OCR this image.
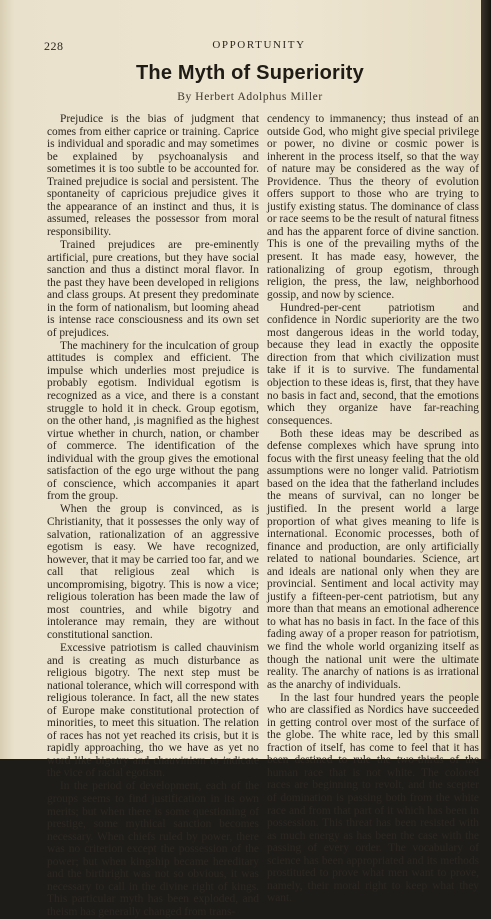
228	OPPORTUNITY
The Myth of Superiority
By Herbert Adolphus Miller

Prejudice is the bias of judgment that comes from either caprice or training. Caprice is individual and sporadic and may sometimes be explained by psychoanalysis and sometimes it is too subtle to be accounted for. Trained prejudice is social and persistent. The spontaneity of capricious prejudice gives it the appearance of an instinct and thus, it is assumed, releases the possessor from moral responsibility.

Trained prejudices are pre-eminently artificial, pure creations, but they have social sanction and thus a distinct moral flavor. In the past they have been developed in religions and class groups. At present they predominate in the form of nationalism, but looming ahead is intense race consciousness and its own set of prejudices.

The machinery for the inculcation of group attitudes is complex and efficient. The impulse which underlies most prejudice is probably egotism. Individual egotism is recognized as a vice, and there is a constant struggle to hold it in check. Group egotism, on the other hand, ,is magnified as the highest virtue whether in church, nation, or chamber of commerce. The identification of the individual with the group gives the emotional satisfaction of the ego urge without the pang of conscience, which accompanies it apart from the group.

When the group is convinced, as is Christianity, that it possesses the only way of salvation, rationalization of an aggressive egotism is easy. We have recognized, however, that it may be carried too far, and we call that religious zeal which is uncompromising, bigotry. This is now a vice; religious toleration has been made the law of most countries, and while bigotry and intolerance may remain, they are without constitutional sanction.

Excessive patriotism is called chauvinism and is creating as much disturbance as religious bigotry. The next step must be national tolerance, which will correspond with religious tolerance. In fact, all the new states of Europe make constitutional protection of minorities, to meet this situation. The relation of races has not yet reached its crisis, but it is rapidly approaching, tho we have as yet no word like bigotry and chauvinism to indicate the vice of racial egotism.

In the period of development, each of the groups seems to find justification in its own merits; but when there is some questioning of prestige, some mythical sanction becomes necessary. When chiefs ruled by power, there was no criterion except the possession of the power; but when kingship became hereditary and the birthright was not so obvious, it was necessary to call in the divine right of kings. This particular myth has been exploded, and theism has generally changed from trans-

cendency to immanency; thus instead of an outside God, who might give special privilege or power, no divine or cosmic power is inherent in the process itself, so that the way of nature may be considered as the way of Providence. Thus the theory of evolution offers support to those who are trying to justify existing status. The dominance of class or race seems to be the result of natural fitness and has the apparent force of divine sanction. This is one of the prevailing myths of the present. It has made easy, however, the rationalizing of group egotism, through religion, the press, the law, neighborhood gossip, and now by science.

Hundred-per-cent patriotism and confidence in Nordic superiority are the two most dangerous ideas in the world today, because they lead in exactly the opposite direction from that which civilization must take if it is to survive. The fundamental objection to these ideas is, first, that they have no basis in fact and, second, that the emotions which they organize have far-reaching consequences.

Both these ideas may be described as defense complexes which have sprung into focus with the first uneasy feeling that the old assumptions were no longer valid. Patriotism based on the idea that the fatherland includes the means of survival, can no longer be justified. In the present world a large proportion of what gives meaning to life is international. Economic processes, both of finance and production, are only artificially related to national boundaries. Science, art and ideals are national only when they are provincial. Sentiment and local activity may justify a fifteen-per-cent patriotism, but any more than that means an emotional adherence to what has no basis in fact. In the face of this fading away of a proper reason for patriotism, we find the whole world organizing itself as though the national unit were the ultimate reality. The anarchy of nations is as irrational as the anarchy of individuals.

In the last four hundred years the people who are classified as Nordics have succeeded in getting control over most of the surface of the globe. The white race, led by this small fraction of itself, has come to feel that it has been destined to rule the two-thirds of the human race that is not white. The colored races are beginning to revolt, and the scepter of domination is passing both from the white race and from that part of it which has been in possession. This threat has been resisted with as much energy as has been the case with the passing of every order. The vocabulary of science has been appropriated and its methods prostituted to prove what men want to prove, namely, their moral right to keep what they want.
